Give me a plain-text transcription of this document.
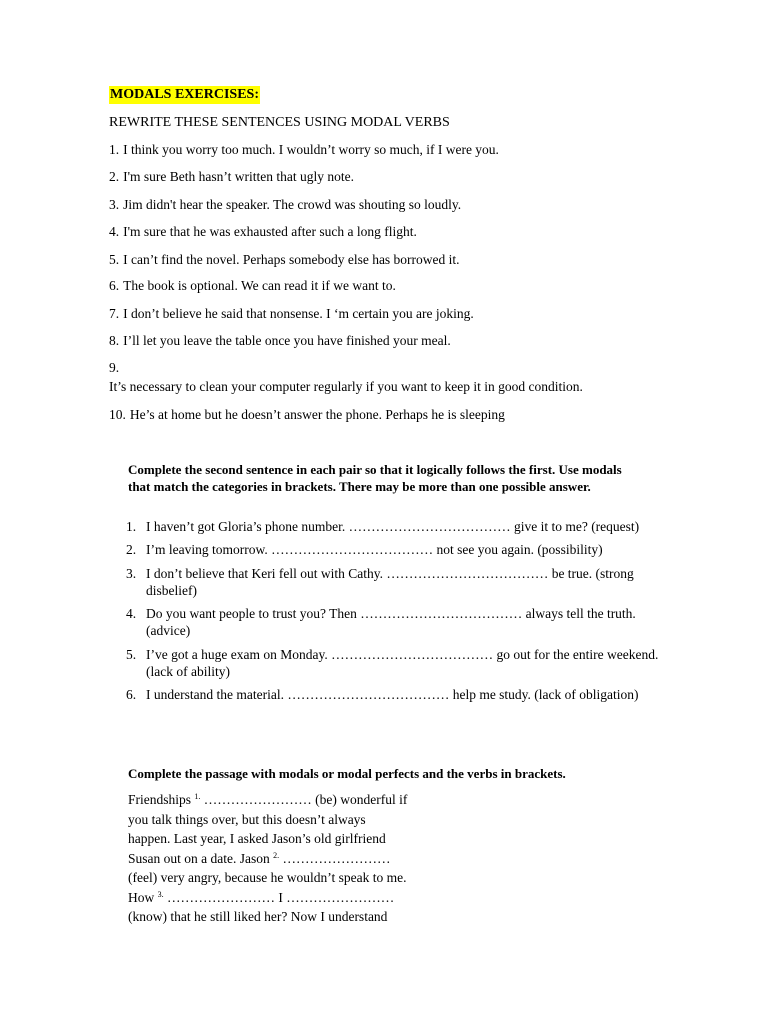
MODALS EXERCISES:
REWRITE THESE SENTENCES USING MODAL VERBS
1. I think you worry too much. I wouldn’t worry so much, if I were you.
2. I'm sure Beth hasn’t written that ugly note.
3. Jim didn't hear the speaker. The crowd was shouting so loudly.
4. I'm sure that he was exhausted after such a long flight.
5. I can’t find the novel. Perhaps somebody else has borrowed it.
6. The book is optional. We can read it if we want to.
7. I don’t believe he said that nonsense. I ‘m certain you are joking.
8. I’ll let you leave the table once you have finished your meal.
9.
It’s necessary to clean your computer regularly if you want to keep it in good condition.
10. He’s at home but he doesn’t answer the phone. Perhaps he is sleeping
Complete the second sentence in each pair so that it logically follows the first. Use modals that match the categories in brackets. There may be more than one possible answer.
1. I haven’t got Gloria’s phone number. ……………………………… give it to me? (request)
2. I’m leaving tomorrow. ……………………………… not see you again. (possibility)
3. I don’t believe that Keri fell out with Cathy. ……………………………… be true. (strong disbelief)
4. Do you want people to trust you? Then ……………………………… always tell the truth. (advice)
5. I’ve got a huge exam on Monday. ……………………………… go out for the entire weekend. (lack of ability)
6. I understand the material. ……………………………… help me study. (lack of obligation)
Complete the passage with modals or modal perfects and the verbs in brackets.
Friendships $^{1.}$ …………………… (be) wonderful if
you talk things over, but this doesn’t always
happen. Last year, I asked Jason’s old girlfriend
Susan out on a date. Jason $^{2.}$ ……………………
(feel) very angry, because he wouldn’t speak to me.
How $^{3.}$ …………………… I ……………………
(know) that he still liked her? Now I understand
